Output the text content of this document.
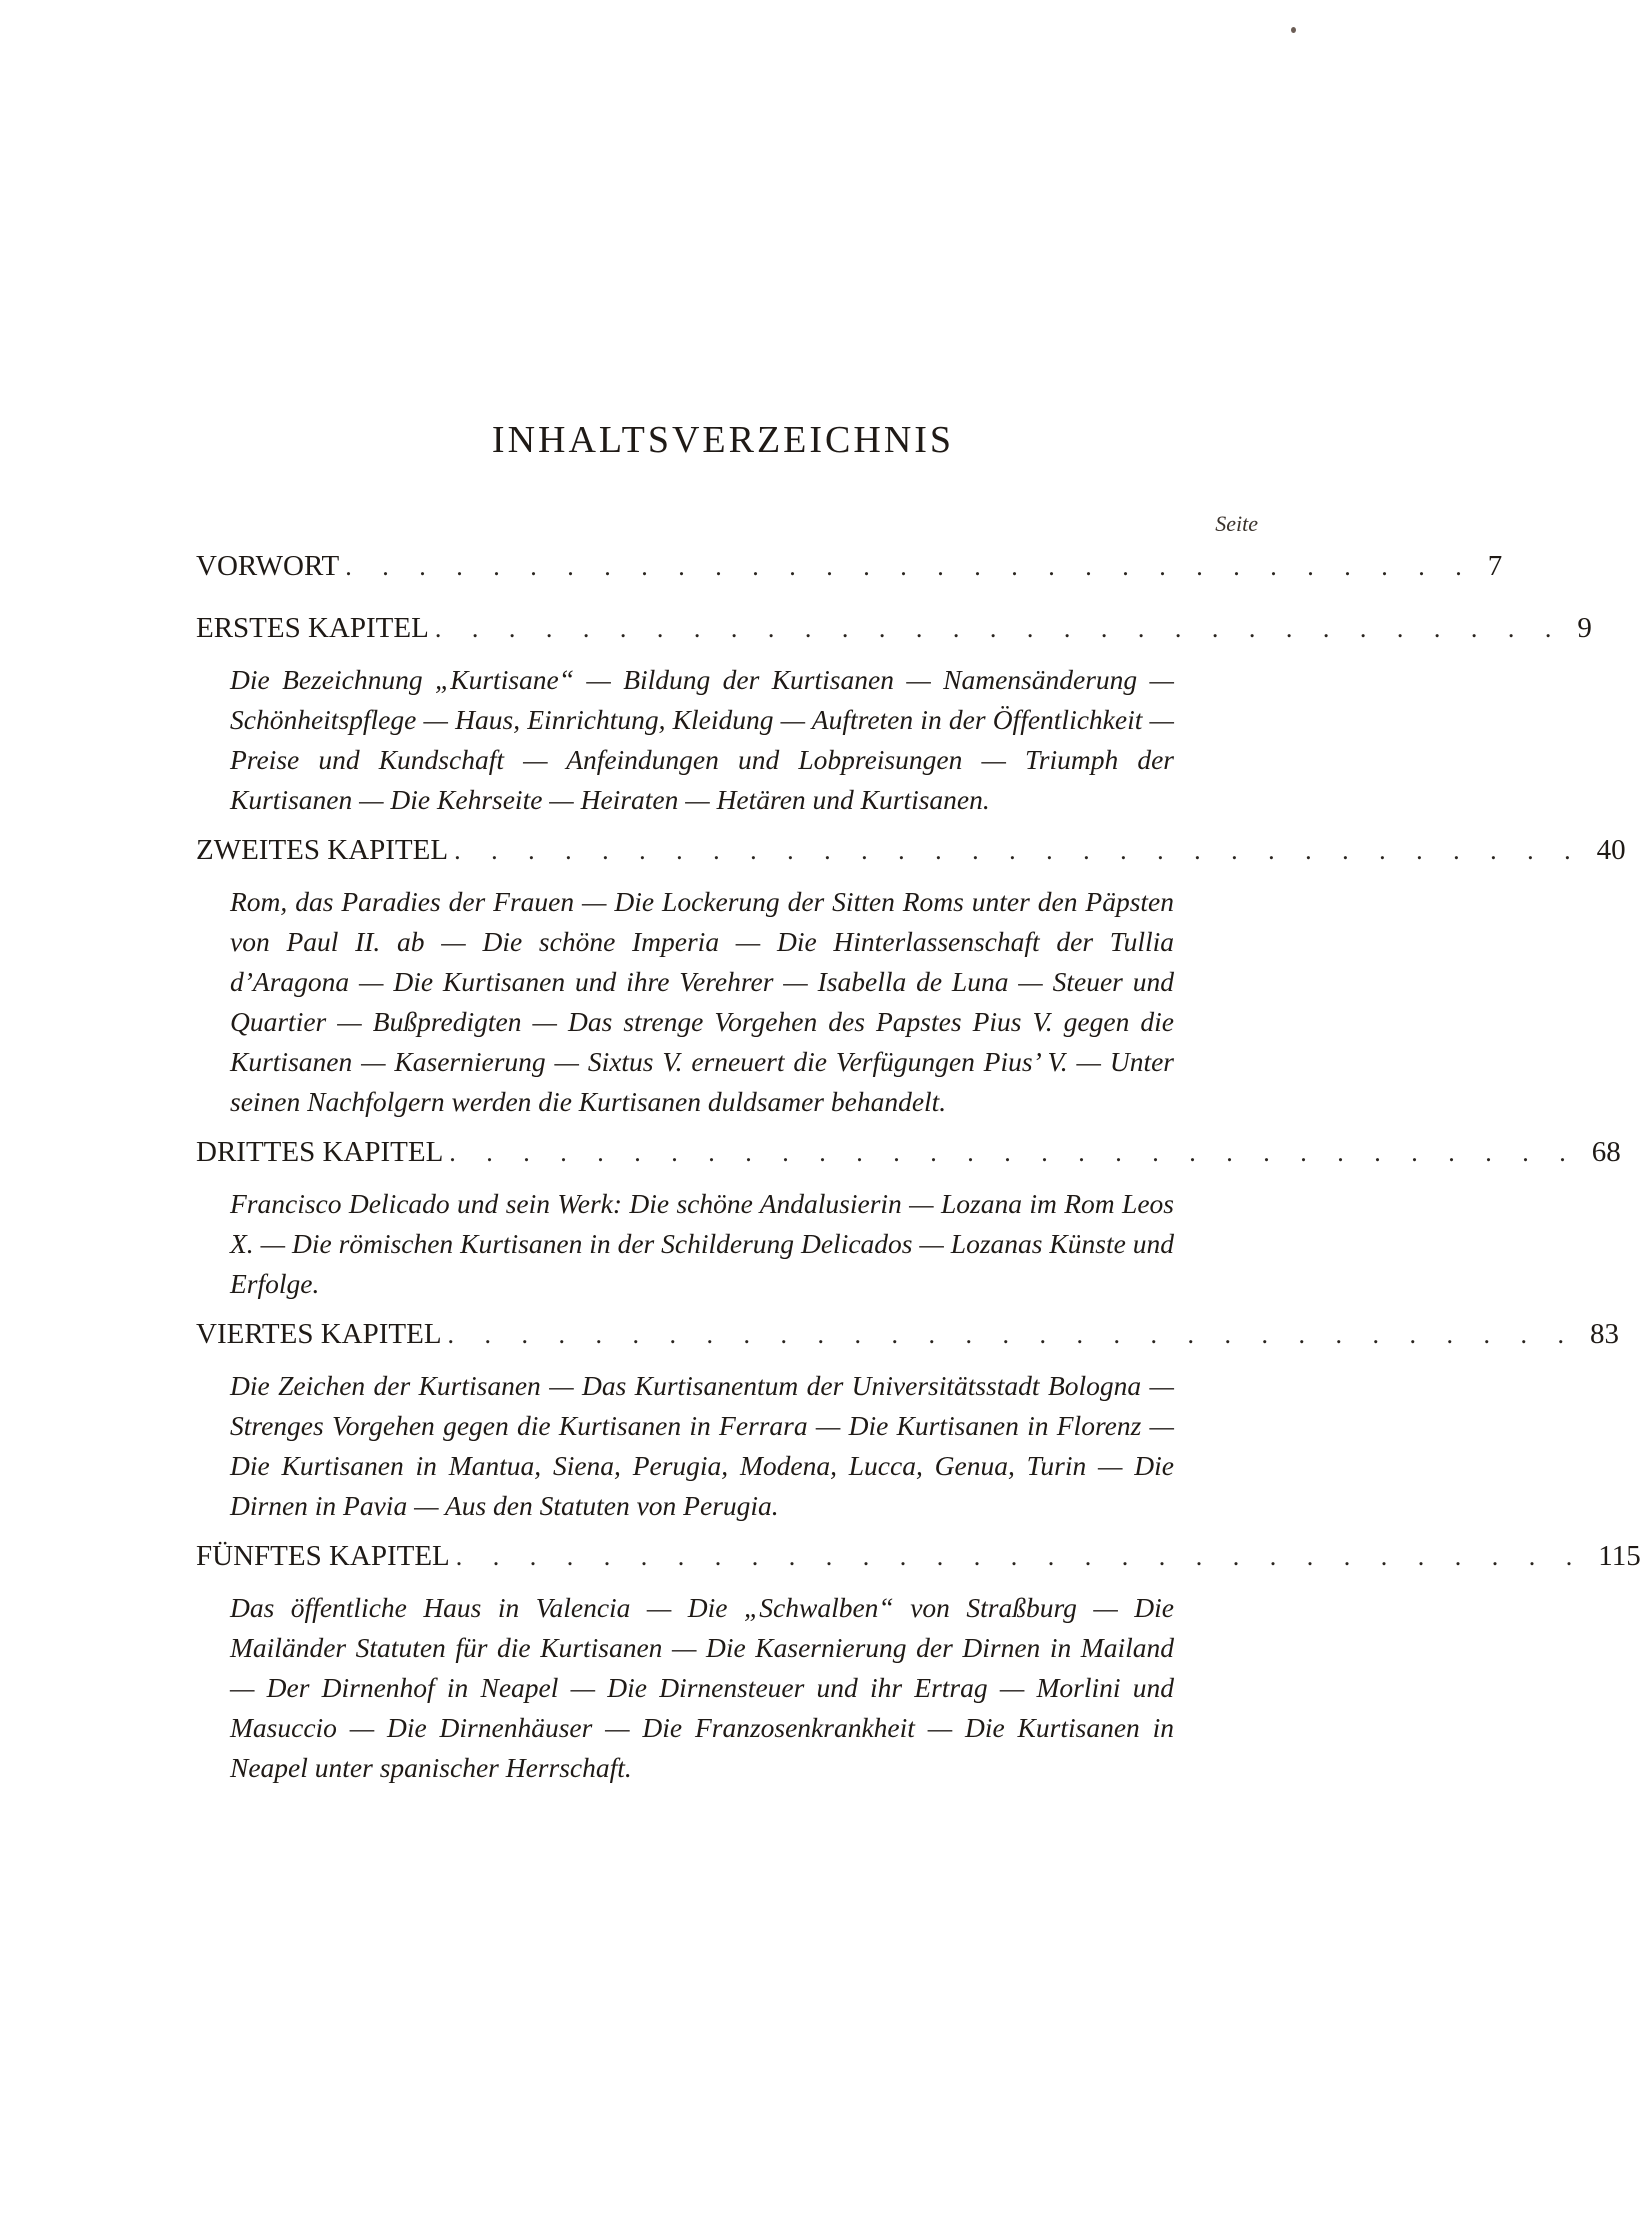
INHALTSVERZEICHNIS
Seite
VORWORT . . . . . . . . . . . . . . . . . . . . . . . . . . . . . . . 7
ERSTES KAPITEL . . . . . . . . . . . . . . . . . . . . . . . . . . . . . . . 9
Die Bezeichnung „Kurtisane“ — Bildung der Kurtisanen — Namensänderung — Schönheitspflege — Haus, Einrichtung, Kleidung — Auftreten in der Öffentlichkeit — Preise und Kundschaft — Anfeindungen und Lobpreisungen — Triumph der Kurtisanen — Die Kehrseite — Heiraten — Hetären und Kurtisanen.
ZWEITES KAPITEL . . . . . . . . . . . . . . . . . . . . . . . . . . . . . . . 40
Rom, das Paradies der Frauen — Die Lockerung der Sitten Roms unter den Päpsten von Paul II. ab — Die schöne Imperia — Die Hinterlassenschaft der Tullia d’Aragona — Die Kurtisanen und ihre Verehrer — Isabella de Luna — Steuer und Quartier — Bußpredigten — Das strenge Vorgehen des Papstes Pius V. gegen die Kurtisanen — Kasernierung — Sixtus V. erneuert die Verfügungen Pius’ V. — Unter seinen Nachfolgern werden die Kurtisanen duldsamer behandelt.
DRITTES KAPITEL . . . . . . . . . . . . . . . . . . . . . . . . . . . . . . . 68
Francisco Delicado und sein Werk: Die schöne Andalusierin — Lozana im Rom Leos X. — Die römischen Kurtisanen in der Schilderung Delicados — Lozanas Künste und Erfolge.
VIERTES KAPITEL . . . . . . . . . . . . . . . . . . . . . . . . . . . . . . . 83
Die Zeichen der Kurtisanen — Das Kurtisanentum der Universitätsstadt Bologna — Strenges Vorgehen gegen die Kurtisanen in Ferrara — Die Kurtisanen in Florenz — Die Kurtisanen in Mantua, Siena, Perugia, Modena, Lucca, Genua, Turin — Die Dirnen in Pavia — Aus den Statuten von Perugia.
FÜNFTES KAPITEL . . . . . . . . . . . . . . . . . . . . . . . . . . . . . . . 115
Das öffentliche Haus in Valencia — Die „Schwalben“ von Straßburg — Die Mailänder Statuten für die Kurtisanen — Die Kasernierung der Dirnen in Mailand — Der Dirnenhof in Neapel — Die Dirnensteuer und ihr Ertrag — Morlini und Masuccio — Die Dirnenhäuser — Die Franzosenkrankheit — Die Kurtisanen in Neapel unter spanischer Herrschaft.
